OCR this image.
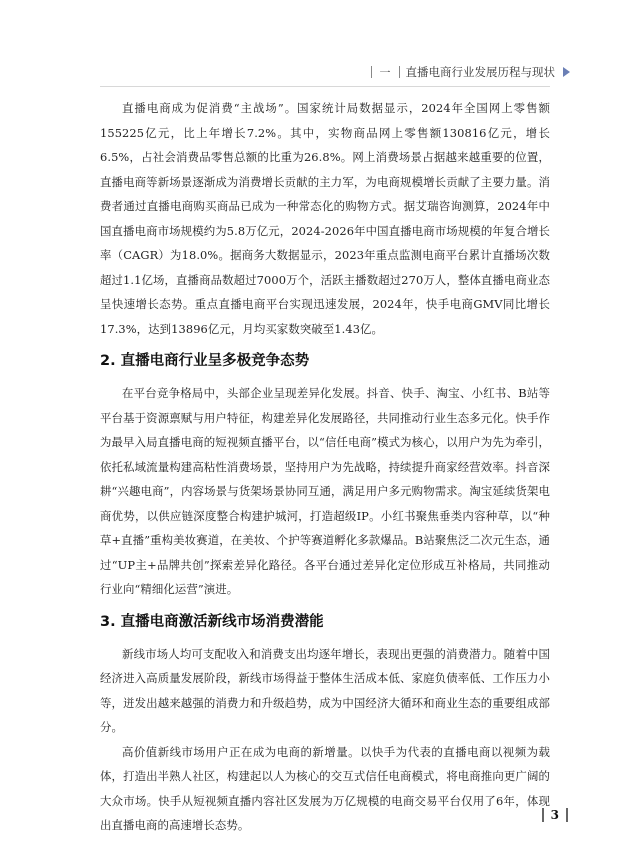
一 直播电商行业发展历程与现状

直播电商成为促消费“主战场”。国家统计局数据显示，2024年全国网上零售额155225亿元，比上年增长7.2%。其中，实物商品网上零售额130816亿元，增长6.5%，占社会消费品零售总额的比重为26.8%。网上消费场景占据越来越重要的位置，直播电商等新场景逐渐成为消费增长贡献的主力军，为电商规模增长贡献了主要力量。消费者通过直播电商购买商品已成为一种常态化的购物方式。据艾瑞咨询测算，2024年中国直播电商市场规模约为5.8万亿元，2024-2026年中国直播电商市场规模的年复合增长率（CAGR）为18.0%。据商务大数据显示，2023年重点监测电商平台累计直播场次数超过1.1亿场，直播商品数超过7000万个，活跃主播数超过270万人，整体直播电商业态呈快速增长态势。重点直播电商平台实现迅速发展，2024年，快手电商GMV同比增长17.3%，达到13896亿元，月均买家数突破至1.43亿。

2. 直播电商行业呈多极竞争态势

在平台竞争格局中，头部企业呈现差异化发展。抖音、快手、淘宝、小红书、B站等平台基于资源禀赋与用户特征，构建差异化发展路径，共同推动行业生态多元化。快手作为最早入局直播电商的短视频直播平台，以“信任电商”模式为核心，以用户为先为牵引，依托私域流量构建高粘性消费场景，坚持用户为先战略，持续提升商家经营效率。抖音深耕“兴趣电商”，内容场景与货架场景协同互通，满足用户多元购物需求。淘宝延续货架电商优势，以供应链深度整合构建护城河，打造超级IP。小红书聚焦垂类内容种草，以“种草+直播”重构美妆赛道，在美妆、个护等赛道孵化多款爆品。B站聚焦泛二次元生态，通过“UP主+品牌共创”探索差异化路径。各平台通过差异化定位形成互补格局，共同推动行业向“精细化运营”演进。

3. 直播电商激活新线市场消费潜能

新线市场人均可支配收入和消费支出均逐年增长，表现出更强的消费潜力。随着中国经济进入高质量发展阶段，新线市场得益于整体生活成本低、家庭负债率低、工作压力小等，迸发出越来越强的消费力和升级趋势，成为中国经济大循环和商业生态的重要组成部分。

高价值新线市场用户正在成为电商的新增量。以快手为代表的直播电商以视频为载体，打造出半熟人社区，构建起以人为核心的交互式信任电商模式，将电商推向更广阔的大众市场。快手从短视频直播内容社区发展为万亿规模的电商交易平台仅用了6年，体现出直播电商的高速增长态势。

3
